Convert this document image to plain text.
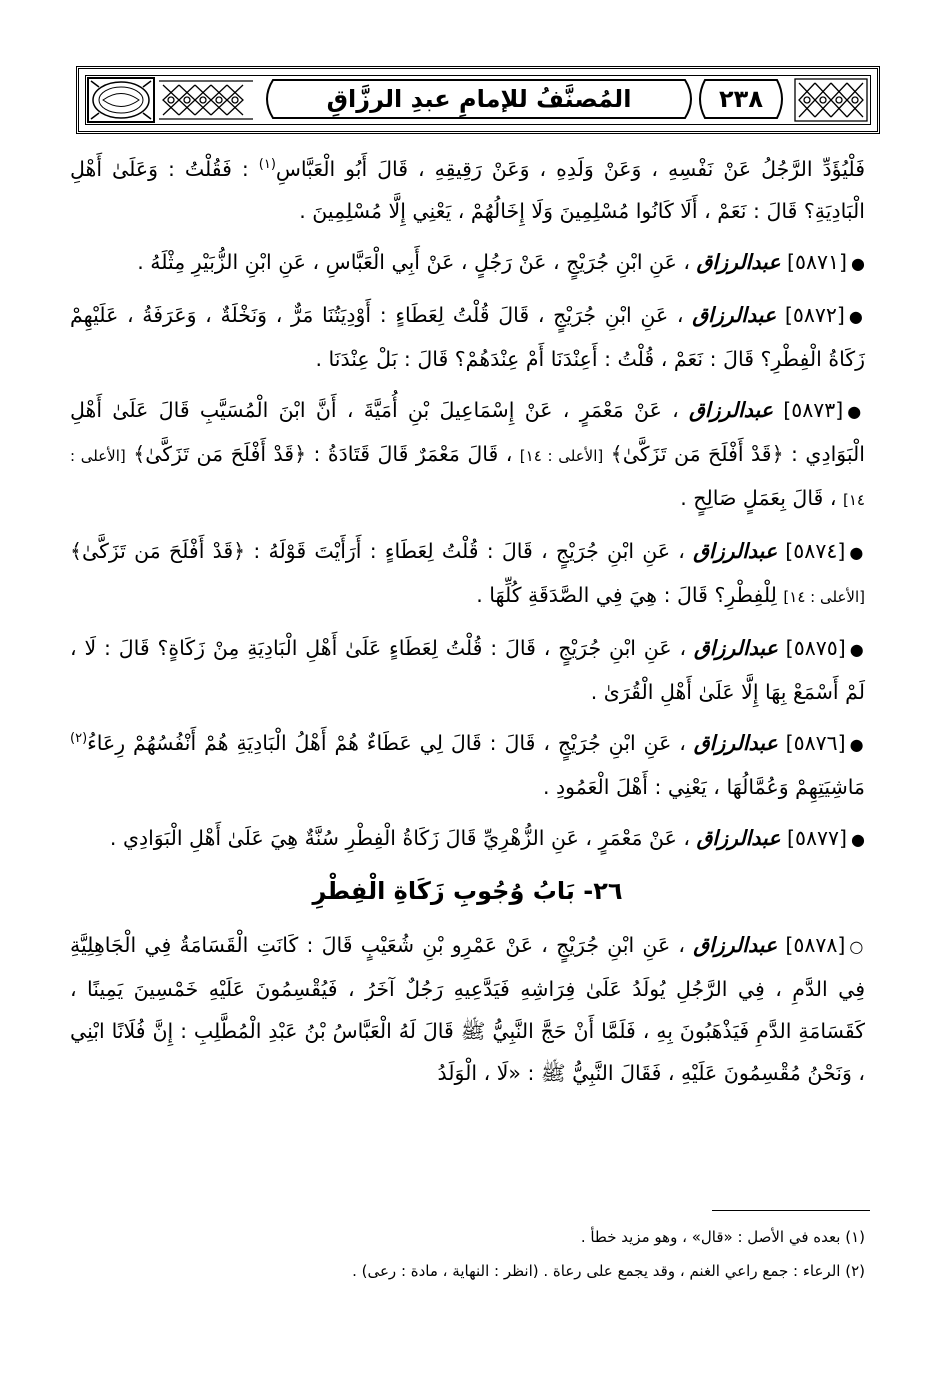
المُصنَّفُ للإمامِ عبدِ الرزَّاقِ	٢٣٨

فَلْيُؤَدِّ الرَّجُلُ عَنْ نَفْسِهِ ، وَعَنْ وَلَدِهِ ، وَعَنْ رَقِيقِهِ ، قَالَ أَبُو الْعَبَّاسِ$^{(١)}$ : فَقُلْتُ : وَعَلَىٰ أَهْلِ الْبَادِيَةِ؟ قَالَ : نَعَمْ ، أَلَا كَانُوا مُسْلِمِينَ وَلَا إِخَالُهُمْ ، يَعْنِي إِلَّا مُسْلِمِينَ .

●[٥٨٧١] عبدالرزاق ، عَنِ ابْنِ جُرَيْجٍ ، عَنْ رَجُلٍ ، عَنْ أَبِي الْعَبَّاسِ ، عَنِ ابْنِ الزُّبَيْرِ مِثْلَهُ .

●[٥٨٧٢] عبدالرزاق ، عَنِ ابْنِ جُرَيْجٍ ، قَالَ قُلْتُ لِعَطَاءٍ : أَوْدِيَتُنَا مَرٌّ ، وَنَخْلَةٌ ، وَعَرَفَةُ ، عَلَيْهِمْ زَكَاةُ الْفِطْرِ؟ قَالَ : نَعَمْ ، قُلْتُ : أَعِنْدَنَا أَمْ عِنْدَهُمْ؟ قَالَ : بَلْ عِنْدَنَا .

●[٥٨٧٣] عبدالرزاق ، عَنْ مَعْمَرٍ ، عَنْ إِسْمَاعِيلَ بْنِ أُمَيَّةَ ، أَنَّ ابْنَ الْمُسَيَّبِ قَالَ عَلَىٰ أَهْلِ الْبَوَادِي : ﴿قَدْ أَفْلَحَ مَن تَزَكَّىٰ﴾ [الأعلى : ١٤] ، قَالَ مَعْمَرٌ قَالَ قَتَادَةُ : ﴿قَدْ أَفْلَحَ مَن تَزَكَّىٰ﴾ [الأعلى : ١٤] ، قَالَ بِعَمَلٍ صَالِحٍ .

●[٥٨٧٤] عبدالرزاق ، عَنِ ابْنِ جُرَيْجٍ ، قَالَ : قُلْتُ لِعَطَاءٍ : أَرَأَيْتَ قَوْلَهُ : ﴿قَدْ أَفْلَحَ مَن تَزَكَّىٰ﴾ [الأعلى : ١٤] لِلْفِطْرِ؟ قَالَ : هِيَ فِي الصَّدَقَةِ كُلِّهَا .

●[٥٨٧٥] عبدالرزاق ، عَنِ ابْنِ جُرَيْجٍ ، قَالَ : قُلْتُ لِعَطَاءٍ عَلَىٰ أَهْلِ الْبَادِيَةِ مِنْ زَكَاةٍ؟ قَالَ : لَا ، لَمْ أَسْمَعْ بِهَا إِلَّا عَلَىٰ أَهْلِ الْقُرَىٰ .

●[٥٨٧٦] عبدالرزاق ، عَنِ ابْنِ جُرَيْجٍ ، قَالَ : قَالَ لِي عَطَاءٌ هُمْ أَهْلُ الْبَادِيَةِ هُمْ أَنْفُسُهُمْ رِعَاءُ$^{(٢)}$ مَاشِيَتِهِمْ وَعُمَّالُهَا ، يَعْنِي : أَهْلَ الْعَمُودِ .

●[٥٨٧٧] عبدالرزاق ، عَنْ مَعْمَرٍ ، عَنِ الزُّهْرِيِّ قَالَ زَكَاةُ الْفِطْرِ سُنَّةٌ هِيَ عَلَىٰ أَهْلِ الْبَوَادِي .

٢٦- بَابُ وُجُوبِ زَكَاةِ الْفِطْرِ

○[٥٨٧٨] عبدالرزاق ، عَنِ ابْنِ جُرَيْجٍ ، عَنْ عَمْرِو بْنِ شُعَيْبٍ قَالَ : كَانَتِ الْقَسَامَةُ فِي الْجَاهِلِيَّةِ فِي الدَّمِ ، فِي الرَّجُلِ يُولَدُ عَلَىٰ فِرَاشِهِ فَيَدَّعِيهِ رَجُلٌ آخَرُ ، فَيُقْسِمُونَ عَلَيْهِ خَمْسِينَ يَمِينًا ، كَقَسَامَةِ الدَّمِ فَيَذْهَبُونَ بِهِ ، فَلَمَّا أَنْ حَجَّ النَّبِيُّ ﷺ قَالَ لَهُ الْعَبَّاسُ بْنُ عَبْدِ الْمُطَّلِبِ : إِنَّ فُلَانًا ابْنِي ، وَنَحْنُ مُقْسِمُونَ عَلَيْهِ ، فَقَالَ النَّبِيُّ ﷺ : «لَا ، الْوَلَدُ

(١) بعده في الأصل : «قال» ، وهو مزيد خطأ .

(٢) الرعاء : جمع راعي الغنم ، وقد يجمع على رعاة . (انظر : النهاية ، مادة : رعى) .
